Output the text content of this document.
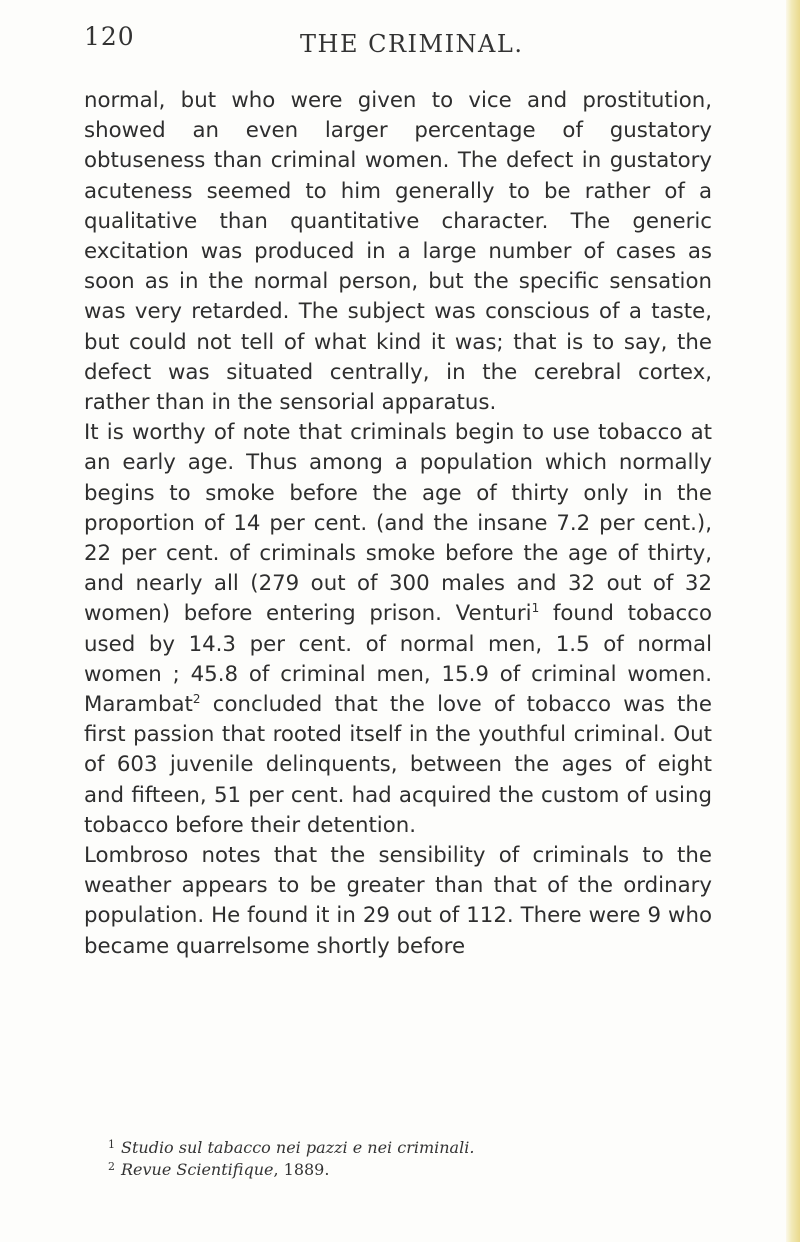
120	THE CRIMINAL.

normal, but who were given to vice and prostitution, showed an even larger percentage of gustatory obtuseness than criminal women. The defect in gustatory acuteness seemed to him generally to be rather of a qualitative than quantitative character. The generic excitation was produced in a large number of cases as soon as in the normal person, but the specific sensation was very retarded. The subject was conscious of a taste, but could not tell of what kind it was; that is to say, the defect was situated centrally, in the cerebral cortex, rather than in the sensorial apparatus.

It is worthy of note that criminals begin to use tobacco at an early age. Thus among a population which normally begins to smoke before the age of thirty only in the proportion of 14 per cent. (and the insane 7.2 per cent.), 22 per cent. of criminals smoke before the age of thirty, and nearly all (279 out of 300 males and 32 out of 32 women) before entering prison. Venturi$^1$ found tobacco used by 14.3 per cent. of normal men, 1.5 of normal women ; 45.8 of criminal men, 15.9 of criminal women. Marambat$^2$ concluded that the love of tobacco was the first passion that rooted itself in the youthful criminal. Out of 603 juvenile delinquents, between the ages of eight and fifteen, 51 per cent. had acquired the custom of using tobacco before their detention.

Lombroso notes that the sensibility of criminals to the weather appears to be greater than that of the ordinary population. He found it in 29 out of 112. There were 9 who became quarrelsome shortly before

$^1$ Studio sul tabacco nei pazzi e nei criminali.
$^2$ Revue Scientifique, 1889.
